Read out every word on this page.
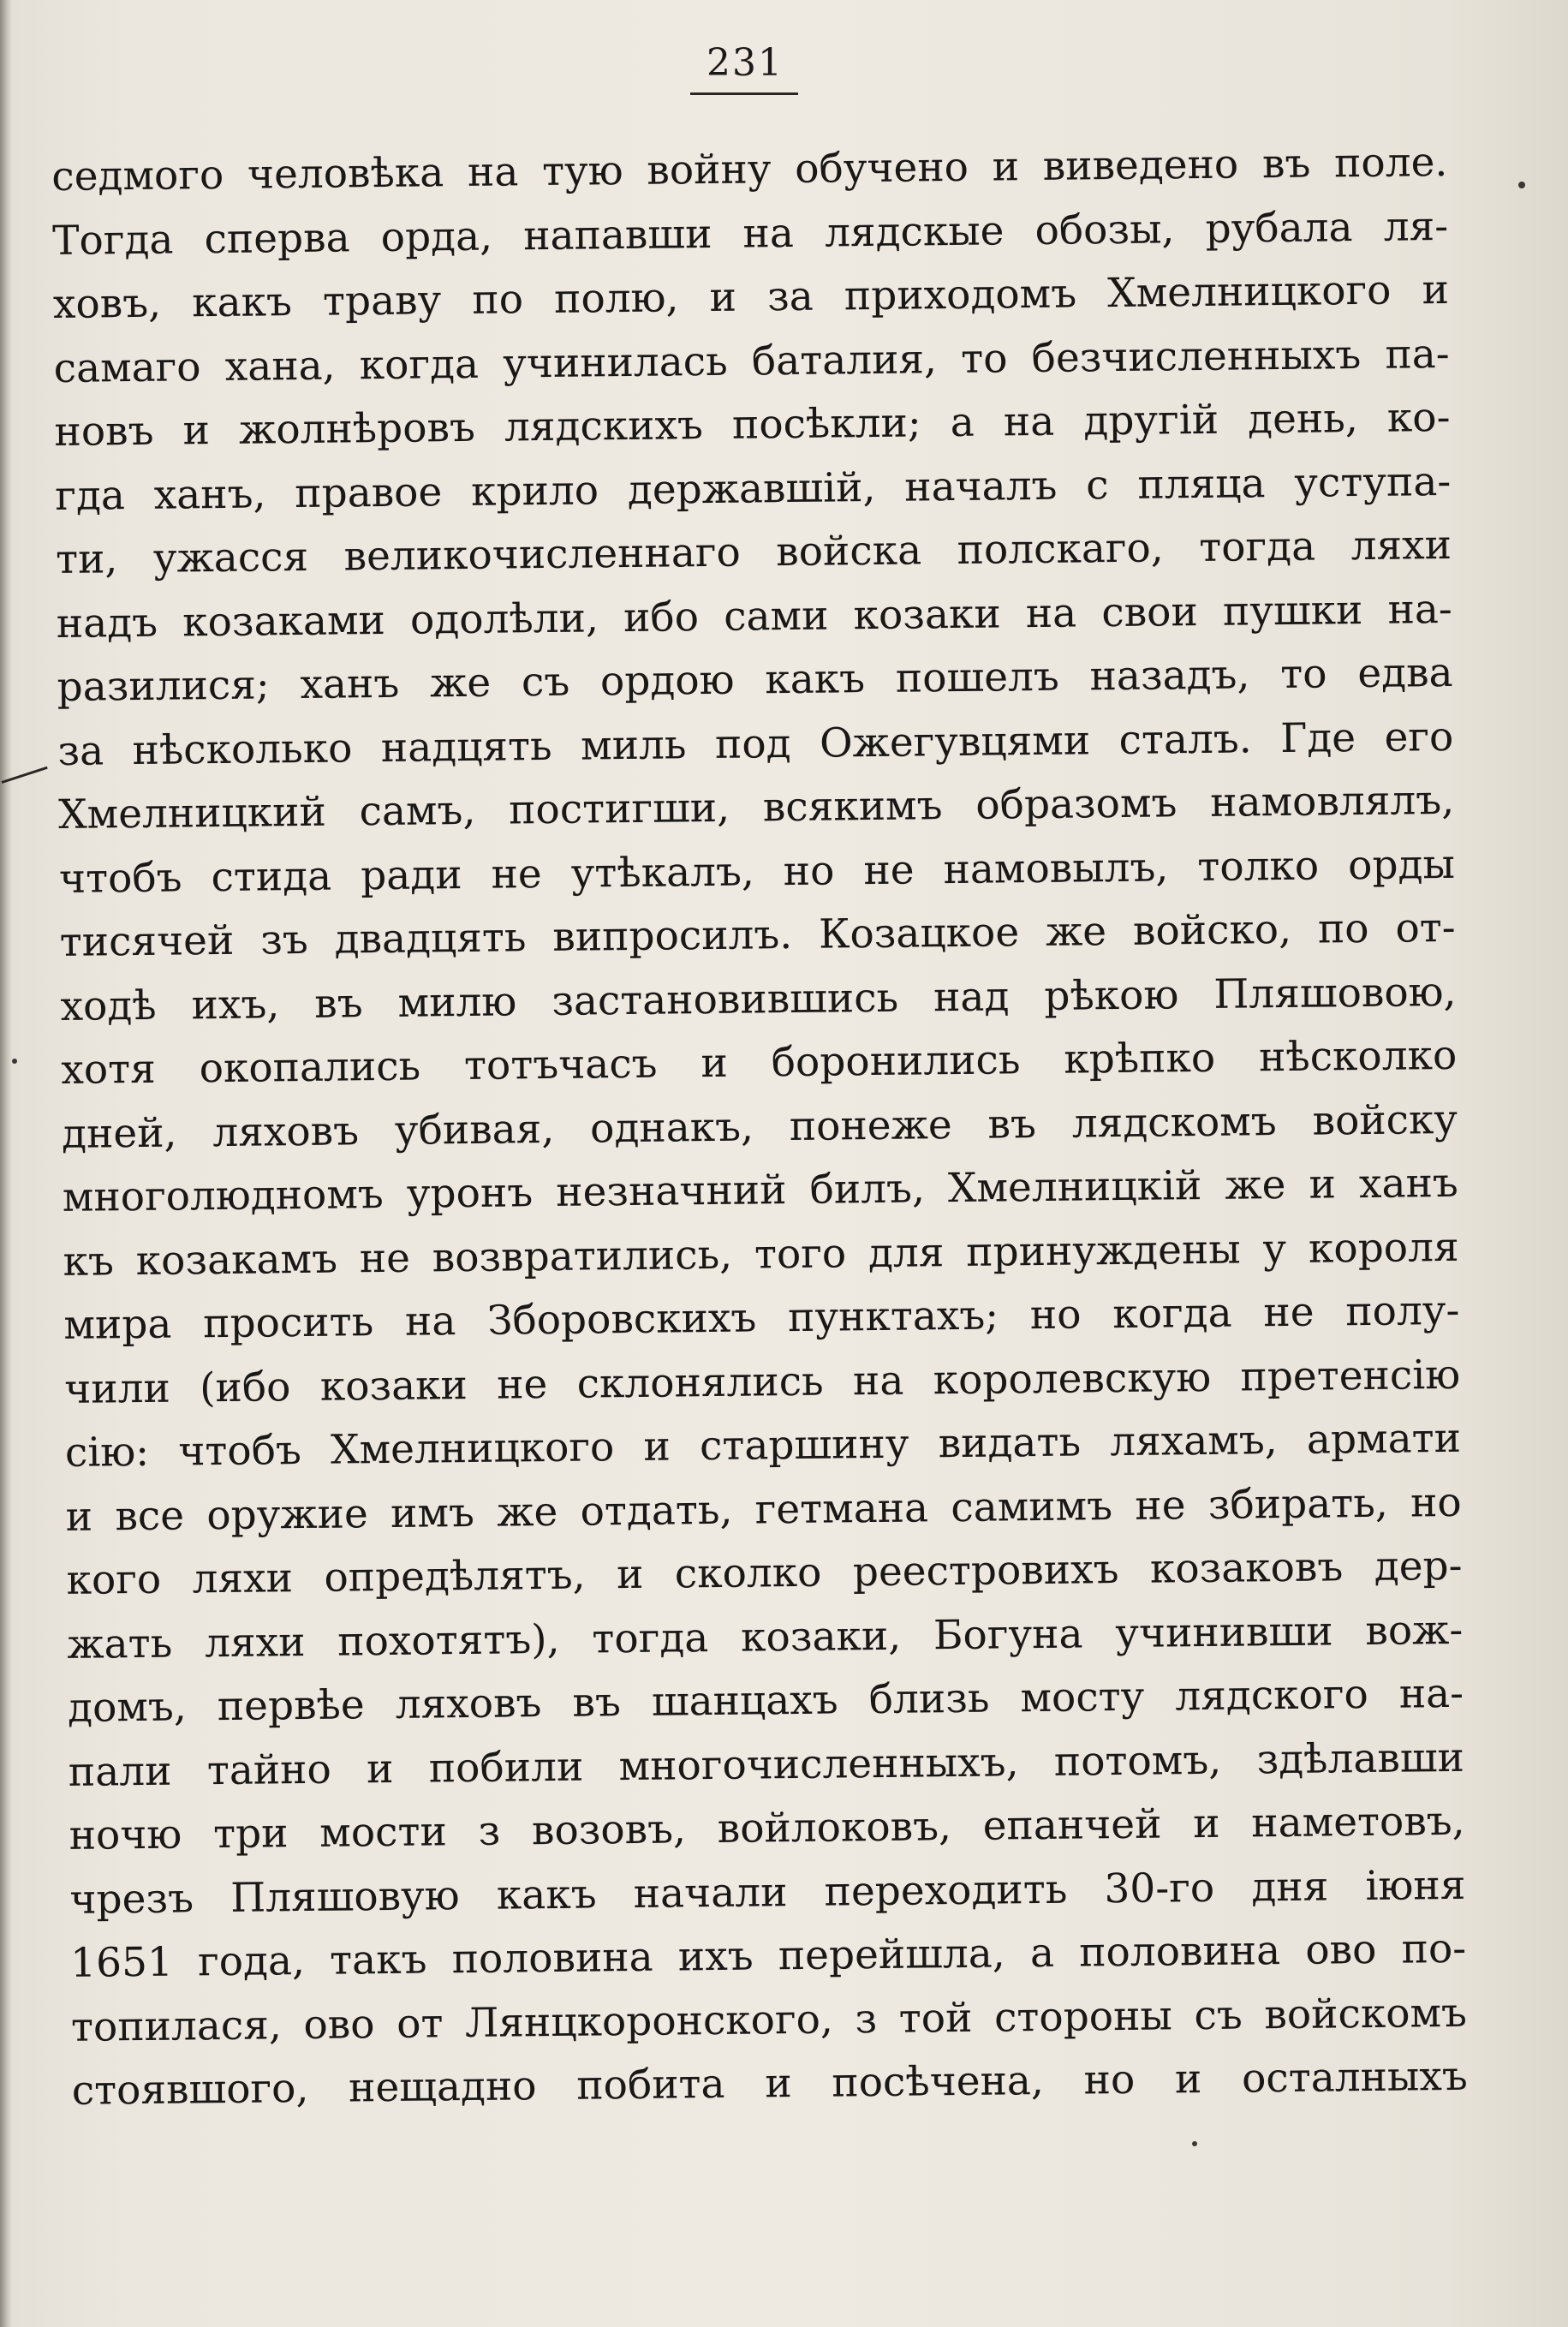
231
седмого человѣка на тую войну обучено и виведено въ поле.
Тогда сперва орда, напавши на лядскые обозы, рубала ля-
ховъ, какъ траву по полю, и за приходомъ Хмелницкого и
самаго хана, когда учинилась баталия, то безчисленныхъ па-
новъ и жолнѣровъ лядскихъ посѣкли; а на другій день, ко-
гда ханъ, правое крило державшій, началъ с пляца уступа-
ти, ужасся великочисленнаго войска полскаго, тогда ляхи
надъ козаками одолѣли, ибо сами козаки на свои пушки на-
разилися; ханъ же съ ордою какъ пошелъ назадъ, то едва
за нѣсколько надцять миль под Ожегувцями сталъ. Где его
Хмелницкий самъ, постигши, всякимъ образомъ намовлялъ,
чтобъ стида ради не утѣкалъ, но не намовылъ, толко орды
тисячей зъ двадцять випросилъ. Козацкое же войско, по от-
ходѣ ихъ, въ милю застановившись над рѣкою Пляшовою,
хотя окопались тотъчасъ и боронились крѣпко нѣсколко
дней, ляховъ убивая, однакъ, понеже въ лядскомъ войску
многолюдномъ уронъ незначний билъ, Хмелницкій же и ханъ
къ козакамъ не возвратились, того для принуждены у короля
мира просить на Зборовскихъ пунктахъ; но когда не полу-
чили (ибо козаки не склонялись на королевскую претенсію
сію: чтобъ Хмелницкого и старшину видать ляхамъ, армати
и все оружие имъ же отдать, гетмана самимъ не збирать, но
кого ляхи опредѣлятъ, и сколко реестровихъ козаковъ дер-
жать ляхи похотятъ), тогда козаки, Богуна учинивши вож-
домъ, первѣе ляховъ въ шанцахъ близь мосту лядского на-
пали тайно и побили многочисленныхъ, потомъ, здѣлавши
ночю три мости з возовъ, войлоковъ, епанчей и наметовъ,
чрезъ Пляшовую какъ начали переходить 30-го дня іюня
1651 года, такъ половина ихъ перейшла, а половина ово по-
топилася, ово от Лянцкоронского, з той стороны съ войскомъ
стоявшого, нещадно побита и посѣчена, но и осталныхъ
